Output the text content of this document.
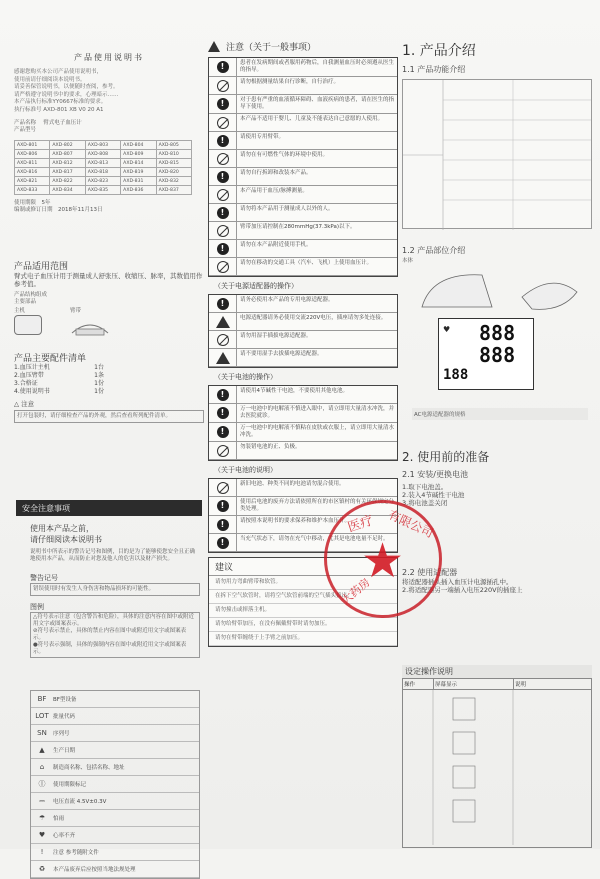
产品使用说明书
感谢您购买本公司产品使用说明书，
使用前请仔细阅读本说明书。
请妥善保管说明书，以便随时查阅，参考。
请严格遵守说明书中的要求，心理暗示……
本产品执行标准YY0667标准的要求。
执行标准号 AXD-801 XB V0 20 A1
产品名称　 臂式电子血压计
产品型号
AXD-801	AXD-802	AXD-803	AXD-804	AXD-805
AXD-806	AXD-807	AXD-808	AXD-809	AXD-810
AXD-811	AXD-812	AXD-813	AXD-814	AXD-815
AXD-816	AXD-817	AXD-818	AXD-819	AXD-820
AXD-821	AXD-822	AXD-823	AXD-831	AXD-832
AXD-833	AXD-834	AXD-835	AXD-836	AXD-837
使用期限　5年
编制或修订日期　2018年11月13日
产品适用范围
臂式电子血压计用于测量成人舒张压、收缩压、脉率，其数值用作参考值。
产品结构组成
主要部品
主机	臂带
产品主要配件清单
1.血压计主机	1台
2.血压臂带	1条
3.合格证	1份
4.使用说明书	1份
△ 注意
打开包装时，请仔细检查产品的外观，然后查看所列配件清单。
安全注意事项
使用本产品之前，
请仔细阅读本说明书
说明书中所表示的警告记号和图例，目的是为了能够使您安全且正确地使用本产品，从而防止对您及他人的危害以及财产损失。
警告记号
错误使用时有发生人身伤害和物品损坏的可能性。
图例
△符号表示注意（包含警告和危险），具体的注意内容在图中或附近用文字或图案表示。
⊘符号表示禁止，具体的禁止内容在图中或附近用文字或图案表示。
●符号表示强制，具体的强制内容在图中或附近用文字或图案表示。
BF	BF型设备
LOT 批量代码
SN	序列号
▲	生产日期
⌂	制造商名称、包括名称、地址
Ⓘ	使用期限标记
⎓	电压直流 4.5V±0.3V
☂	怕雨
♥	心率不齐
!	注意 参考随附文件
♻	本产品废弃后应按照当地法规处理
注意（关于一般事项）
!	患者在发病期间或者服用药物后，自我测量血压时必须遵从医生的指导。
请勿根据测量结果自行诊断，自行治疗。
!	对于患有严重的血液循环障碍、血液疾病的患者，请在医生的指导下使用。
本产品不适用于婴儿、儿童及不能表达自己意愿的人使用。
!	请使用专用臂带。
请勿在有可燃性气体的环境中使用。
!	请勿自行拆卸和改装本产品。
本产品用于血压/脉搏测量。
!	请勿将本产品用于测量成人以外的人。
臂带加压请控制在280mmHg(37.3kPa)以下。
!	请勿在本产品附近使用手机。
请勿在移动的交通工具（汽车、飞机）上使用血压计。
（关于电源适配器的操作）
!	请务必使用本产品的专用电源适配器。
电源适配器请务必使用交流220V电压，插座请勿多处连接。
请勿用湿手插拔电源适配器。
请不要用湿手去拔插电源适配器。
（关于电池的操作）
!	请使用4节碱性干电池，不要使用其他电池。
!	万一电池中的电解液不慎进入眼中，请立即用大量清水冲洗，并去医院就诊。
!	万一电池中的电解液不慎粘在皮肤或衣服上，请立即用大量清水冲洗。
勿装错电池的正、负极。
（关于电池的说明）
新旧电池、种类不同的电池请勿混合使用。
!	使用后电池的废弃方法请依照所在的市区镇村的有关环保规定分类处理。
!	请按照本说明书的要求保养和维护本血压计。
!	当充气状态下，请勿在充气中移动，尤其是电池电量不足时。
建议
请勿用力弯曲臂带和软管。
在拆下空气软管时，请将空气软管前端的空气插头拔出。
请勿撞击或摔落主机。
请勿给臂带加压，在没有佩戴臂带时请勿加压。
请勿在臂带缠绕于上手臂之前加压。
1. 产品介绍
1.1 产品功能介绍
1.2 产品部位介绍
本体
888
888
188
♥
AC电源适配器的规格
2. 使用前的准备
2.1 安装/更换电池
1.取下电池盖。
2.装入4节碱性干电池
3.将电池盖关闭
2.2 使用适配器
将适配器插头插入血压计电源插孔中。
2.将适配器另一端插入电压220V的插座上
设定操作说明
操作	屏幕显示	说明
医疗 有限公司
大药房
★
